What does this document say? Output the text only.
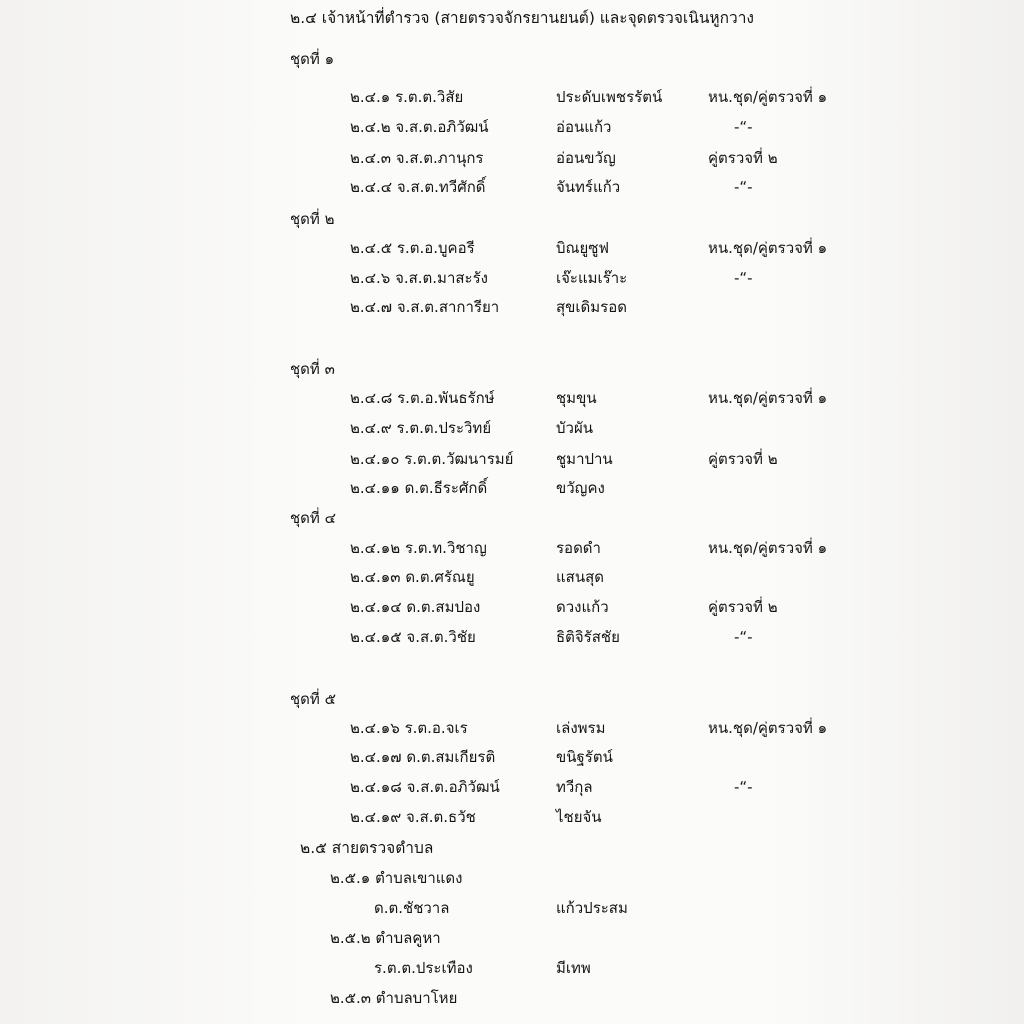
๒.๔ เจ้าหน้าที่ตำรวจ (สายตรวจจักรยานยนต์) และจุดตรวจเนินหูกวาง
ชุดที่ ๑
๒.๔.๑ ร.ต.ต.วิสัย	ประดับเพชรรัตน์	หน.ชุด/คู่ตรวจที่ ๑
๒.๔.๒ จ.ส.ต.อภิวัฒน์	อ่อนแก้ว	-“-
๒.๔.๓ จ.ส.ต.ภานุกร	อ่อนขวัญ	คู่ตรวจที่ ๒
๒.๔.๔ จ.ส.ต.ทวีศักดิ์	จันทร์แก้ว	-“-
ชุดที่ ๒
๒.๔.๕ ร.ต.อ.บูคอรี	บิณยูซูฟ	หน.ชุด/คู่ตรวจที่ ๑
๒.๔.๖ จ.ส.ต.มาสะรัง	เจ๊ะแมเร๊าะ	-“-
๒.๔.๗ จ.ส.ต.สาการียา	สุขเดิมรอด
ชุดที่ ๓
๒.๔.๘ ร.ต.อ.พันธรักษ์	ชุมขุน	หน.ชุด/คู่ตรวจที่ ๑
๒.๔.๙ ร.ต.ต.ประวิทย์	บัวผัน
๒.๔.๑๐ ร.ต.ต.วัฒนารมย์	ชูมาปาน	คู่ตรวจที่ ๒
๒.๔.๑๑ ด.ต.ธีระศักดิ์	ขวัญคง
ชุดที่ ๔
๒.๔.๑๒ ร.ต.ท.วิชาญ	รอดดำ	หน.ชุด/คู่ตรวจที่ ๑
๒.๔.๑๓ ด.ต.ศรัณยู	แสนสุด
๒.๔.๑๔ ด.ต.สมปอง	ดวงแก้ว	คู่ตรวจที่ ๒
๒.๔.๑๕ จ.ส.ต.วิชัย	ธิติจิรัสชัย	-“-
ชุดที่ ๕
๒.๔.๑๖ ร.ต.อ.จเร	เล่งพรม	หน.ชุด/คู่ตรวจที่ ๑
๒.๔.๑๗ ด.ต.สมเกียรติ	ขนิฐรัตน์
๒.๔.๑๘ จ.ส.ต.อภิวัฒน์	ทวีกุล	-“-
๒.๔.๑๙ จ.ส.ต.ธวัช	ไชยจัน
๒.๕ สายตรวจตำบล
๒.๕.๑ ตำบลเขาแดง
ด.ต.ชัชวาล	แก้วประสม
๒.๕.๒ ตำบลคูหา
ร.ต.ต.ประเทือง	มีเทพ
๒.๕.๓ ตำบลบาโหย
